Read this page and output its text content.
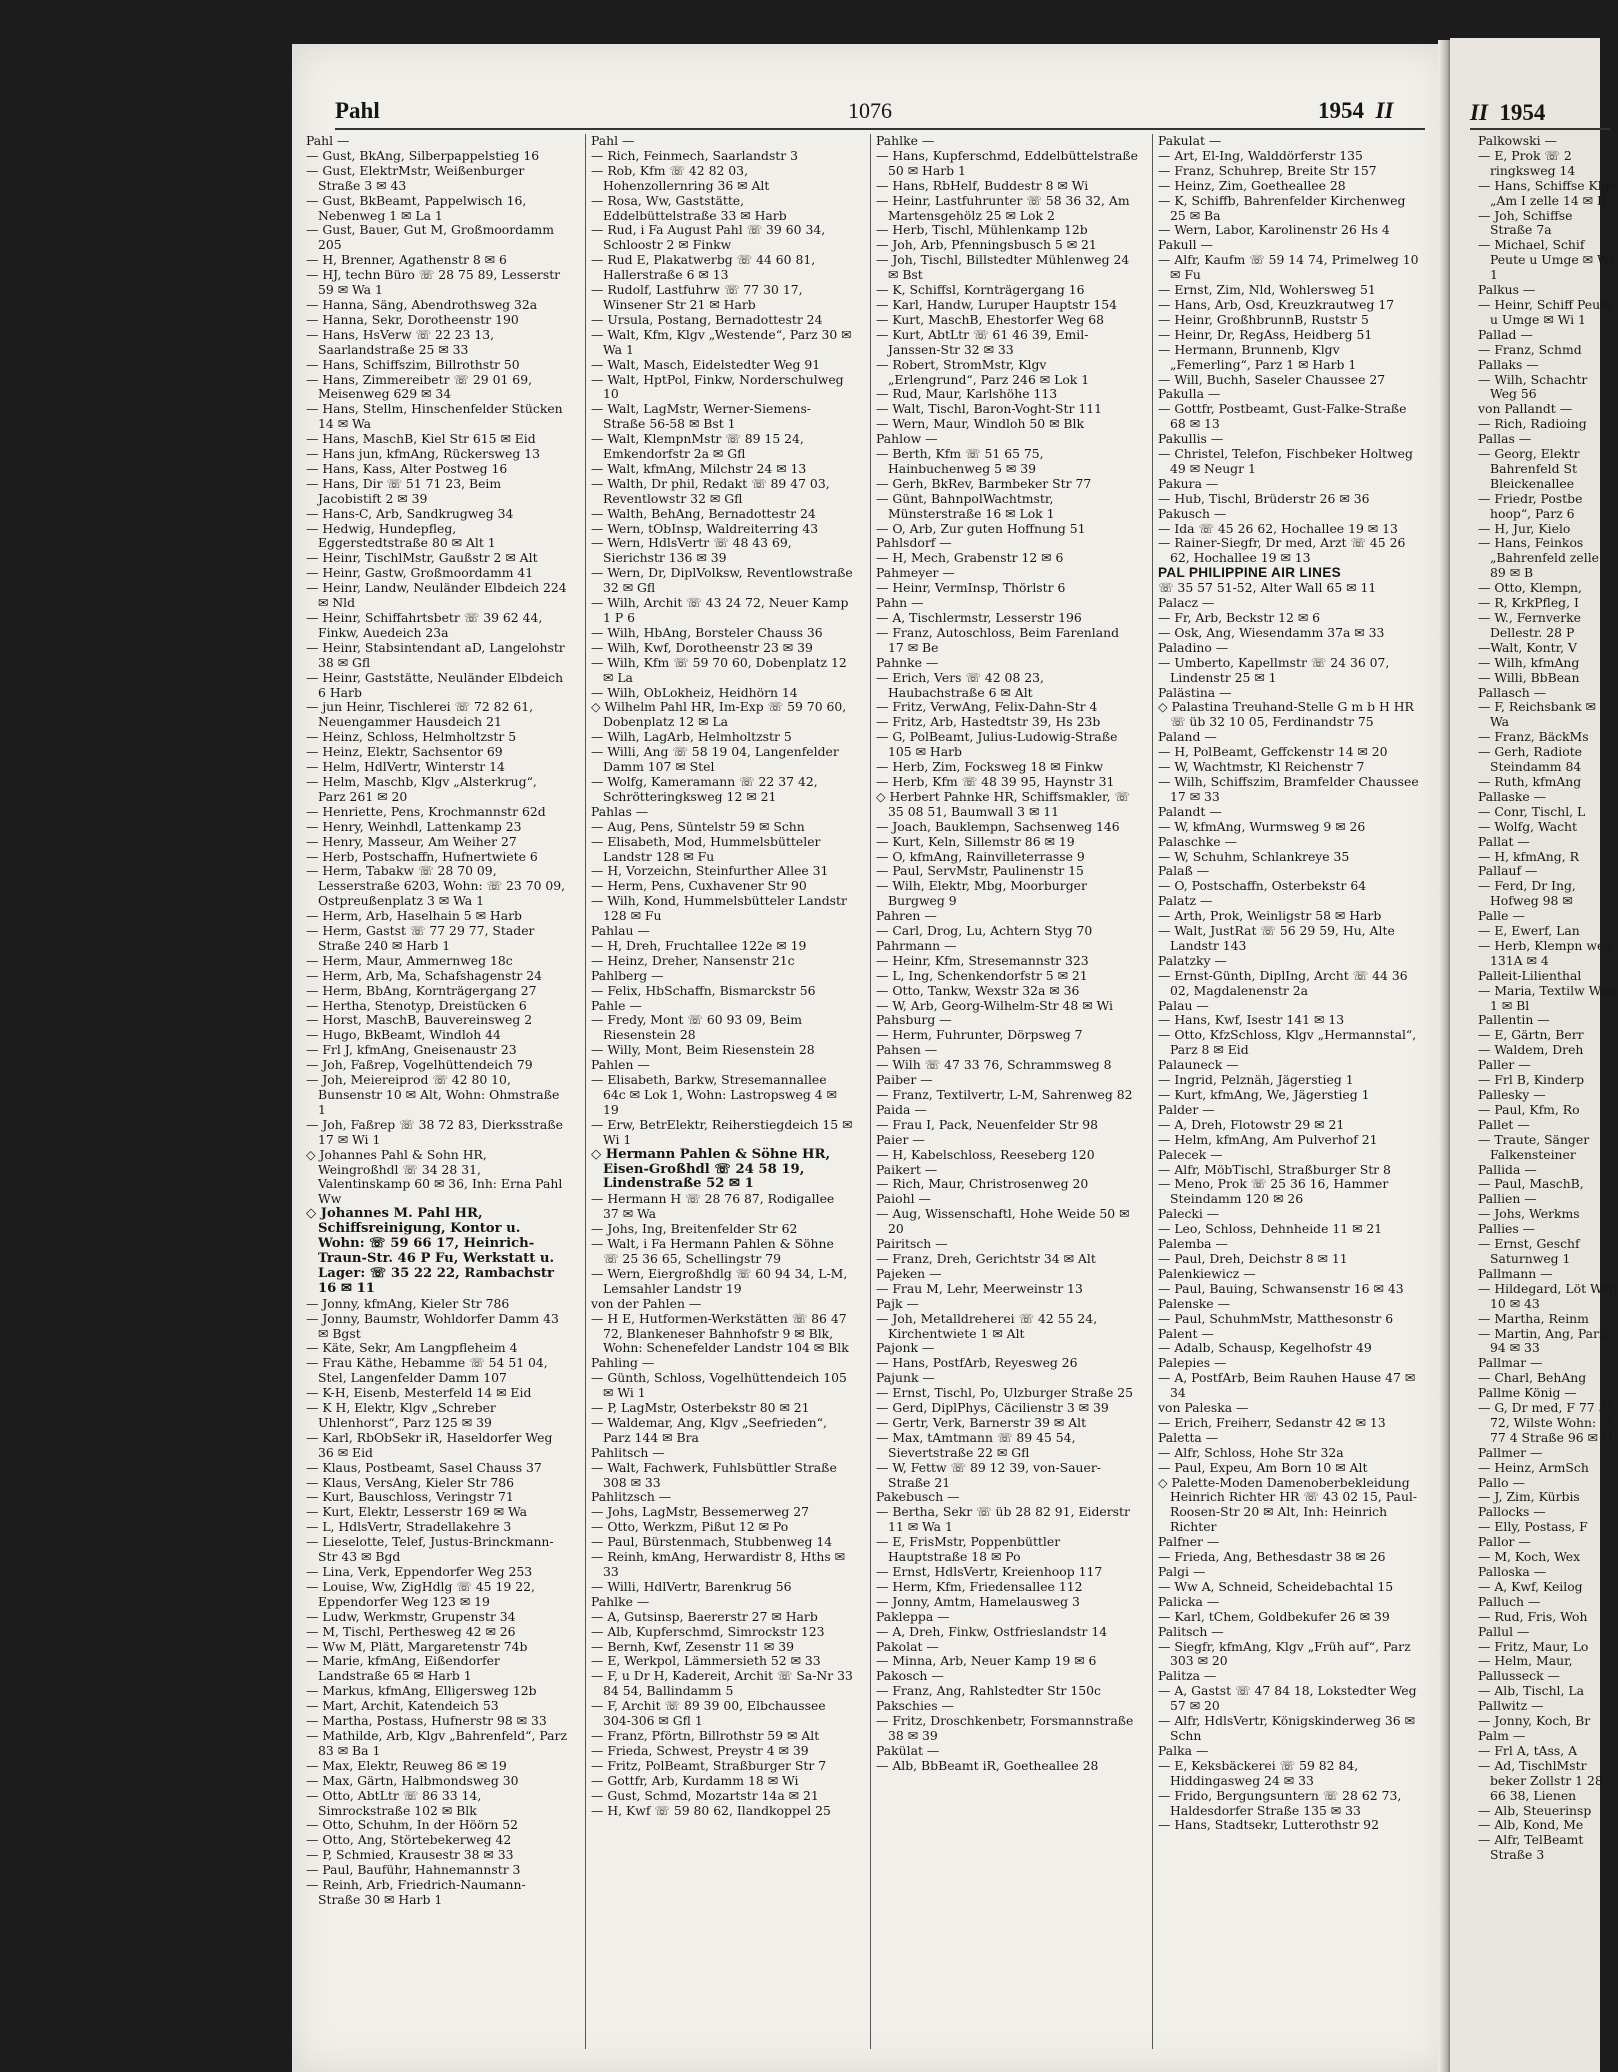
Pahl	1076	1954 II	II 1954

Pahl —

— Gust, BkAng, Silberpappelstieg 16

— Gust, ElektrMstr, Weißenburger Straße 3 ✉ 43

— Gust, BkBeamt, Pappelwisch 16, Nebenweg 1 ✉ La 1

— Gust, Bauer, Gut M, Großmoordamm 205

— H, Brenner, Agathenstr 8 ✉ 6

— HJ, techn Büro ☏ 28 75 89, Lesserstr 59 ✉ Wa 1

— Hanna, Säng, Abendrothsweg 32a

— Hanna, Sekr, Dorotheenstr 190

— Hans, HsVerw ☏ 22 23 13, Saarlandstraße 25 ✉ 33

— Hans, Schiffszim, Billrothstr 50

— Hans, Zimmereibetr ☏ 29 01 69, Meisenweg 629 ✉ 34

— Hans, Stellm, Hinschenfelder Stücken 14 ✉ Wa

— Hans, MaschB, Kiel Str 615 ✉ Eid

— Hans jun, kfmAng, Rückersweg 13

— Hans, Kass, Alter Postweg 16

— Hans, Dir ☏ 51 71 23, Beim Jacobistift 2 ✉ 39

— Hans-C, Arb, Sandkrugweg 34

— Hedwig, Hundepfleg, Eggerstedtstraße 80 ✉ Alt 1

— Heinr, TischlMstr, Gaußstr 2 ✉ Alt

— Heinr, Gastw, Großmoordamm 41

— Heinr, Landw, Neuländer Elbdeich 224 ✉ Nld

— Heinr, Schiffahrtsbetr ☏ 39 62 44, Finkw, Auedeich 23a

— Heinr, Stabsintendant aD, Langelohstr 38 ✉ Gfl

— Heinr, Gaststätte, Neuländer Elbdeich 6 Harb

— jun Heinr, Tischlerei ☏ 72 82 61, Neuengammer Hausdeich 21

— Heinz, Schloss, Helmholtzstr 5

— Heinz, Elektr, Sachsentor 69

— Helm, HdlVertr, Winterstr 14

— Helm, Maschb, Klgv „Alsterkrug“, Parz 261 ✉ 20

— Henriette, Pens, Krochmannstr 62d

— Henry, Weinhdl, Lattenkamp 23

— Henry, Masseur, Am Weiher 27

— Herb, Postschaffn, Hufnertwiete 6

— Herm, Tabakw ☏ 28 70 09, Lesserstraße 6203, Wohn: ☏ 23 70 09, Ostpreußenplatz 3 ✉ Wa 1

— Herm, Arb, Haselhain 5 ✉ Harb

— Herm, Gastst ☏ 77 29 77, Stader Straße 240 ✉ Harb 1

— Herm, Maur, Ammernweg 18c

— Herm, Arb, Ma, Schafshagenstr 24

— Herm, BbAng, Kornträgergang 27

— Hertha, Stenotyp, Dreistücken 6

— Horst, MaschB, Bauvereinsweg 2

— Hugo, BkBeamt, Windloh 44

— Frl J, kfmAng, Gneisenaustr 23

— Joh, Faßrep, Vogelhüttendeich 79

— Joh, Meiereiprod ☏ 42 80 10, Bunsenstr 10 ✉ Alt, Wohn: Ohmstraße 1

— Joh, Faßrep ☏ 38 72 83, Dierksstraße 17 ✉ Wi 1

◇ Johannes Pahl & Sohn HR, Weingroßhdl ☏ 34 28 31, Valentinskamp 60 ✉ 36, Inh: Erna Pahl Ww

◇ Johannes M. Pahl HR, Schiffsreinigung, Kontor u. Wohn: ☏ 59 66 17, Heinrich-Traun-Str. 46 P Fu, Werkstatt u. Lager: ☏ 35 22 22, Rambachstr 16 ✉ 11

— Jonny, kfmAng, Kieler Str 786

— Jonny, Baumstr, Wohldorfer Damm 43 ✉ Bgst

— Käte, Sekr, Am Langpfleheim 4

— Frau Käthe, Hebamme ☏ 54 51 04, Stel, Langenfelder Damm 107

— K-H, Eisenb, Mesterfeld 14 ✉ Eid

— K H, Elektr, Klgv „Schreber Uhlenhorst“, Parz 125 ✉ 39

— Karl, RbObSekr iR, Haseldorfer Weg 36 ✉ Eid

— Klaus, Postbeamt, Sasel Chauss 37

— Klaus, VersAng, Kieler Str 786

— Kurt, Bauschloss, Veringstr 71

— Kurt, Elektr, Lesserstr 169 ✉ Wa

— L, HdlsVertr, Stradellakehre 3

— Lieselotte, Telef, Justus-Brinckmann-Str 43 ✉ Bgd

— Lina, Verk, Eppendorfer Weg 253

— Louise, Ww, ZigHdlg ☏ 45 19 22, Eppendorfer Weg 123 ✉ 19

— Ludw, Werkmstr, Grupenstr 34

— M, Tischl, Perthesweg 42 ✉ 26

— Ww M, Plätt, Margaretenstr 74b

— Marie, kfmAng, Eißendorfer Landstraße 65 ✉ Harb 1

— Markus, kfmAng, Elligersweg 12b

— Mart, Archit, Katendeich 53

— Martha, Postass, Hufnerstr 98 ✉ 33

— Mathilde, Arb, Klgv „Bahrenfeld“, Parz 83 ✉ Ba 1

— Max, Elektr, Reuweg 86 ✉ 19

— Max, Gärtn, Halbmondsweg 30

— Otto, AbtLtr ☏ 86 33 14, Simrockstraße 102 ✉ Blk

— Otto, Schuhm, In der Höörn 52

— Otto, Ang, Störtebekerweg 42

— P, Schmied, Krausestr 38 ✉ 33

— Paul, Bauführ, Hahnemannstr 3

— Reinh, Arb, Friedrich-Naumann-Straße 30 ✉ Harb 1

Pahl —

— Rich, Feinmech, Saarlandstr 3

— Rob, Kfm ☏ 42 82 03, Hohenzollernring 36 ✉ Alt

— Rosa, Ww, Gaststätte, Eddelbüttelstraße 33 ✉ Harb

— Rud, i Fa August Pahl ☏ 39 60 34, Schloostr 2 ✉ Finkw

— Rud E, Plakatwerbg ☏ 44 60 81, Hallerstraße 6 ✉ 13

— Rudolf, Lastfuhrw ☏ 77 30 17, Winsener Str 21 ✉ Harb

— Ursula, Postang, Bernadottestr 24

— Walt, Kfm, Klgv „Westende“, Parz 30 ✉ Wa 1

— Walt, Masch, Eidelstedter Weg 91

— Walt, HptPol, Finkw, Norderschulweg 10

— Walt, LagMstr, Werner-Siemens-Straße 56-58 ✉ Bst 1

— Walt, KlempnMstr ☏ 89 15 24, Emkendorfstr 2a ✉ Gfl

— Walt, kfmAng, Milchstr 24 ✉ 13

— Walth, Dr phil, Redakt ☏ 89 47 03, Reventlowstr 32 ✉ Gfl

— Walth, BehAng, Bernadottestr 24

— Wern, tObInsp, Waldreiterring 43

— Wern, HdlsVertr ☏ 48 43 69, Sierichstr 136 ✉ 39

— Wern, Dr, DiplVolksw, Reventlowstraße 32 ✉ Gfl

— Wilh, Archit ☏ 43 24 72, Neuer Kamp 1 P 6

— Wilh, HbAng, Borsteler Chauss 36

— Wilh, Kwf, Dorotheenstr 23 ✉ 39

— Wilh, Kfm ☏ 59 70 60, Dobenplatz 12 ✉ La

— Wilh, ObLokheiz, Heidhörn 14

◇ Wilhelm Pahl HR, Im-Exp ☏ 59 70 60, Dobenplatz 12 ✉ La

— Wilh, LagArb, Helmholtzstr 5

— Willi, Ang ☏ 58 19 04, Langenfelder Damm 107 ✉ Stel

— Wolfg, Kameramann ☏ 22 37 42, Schrötteringksweg 12 ✉ 21

Pahlas —

— Aug, Pens, Süntelstr 59 ✉ Schn

— Elisabeth, Mod, Hummelsbütteler Landstr 128 ✉ Fu

— H, Vorzeichn, Steinfurther Allee 31

— Herm, Pens, Cuxhavener Str 90

— Wilh, Kond, Hummelsbütteler Landstr 128 ✉ Fu

Pahlau —

— H, Dreh, Fruchtallee 122e ✉ 19

— Heinz, Dreher, Nansenstr 21c

Pahlberg —

— Felix, HbSchaffn, Bismarckstr 56

Pahle —

— Fredy, Mont ☏ 60 93 09, Beim Riesenstein 28

— Willy, Mont, Beim Riesenstein 28

Pahlen —

— Elisabeth, Barkw, Stresemannallee 64c ✉ Lok 1, Wohn: Lastropsweg 4 ✉ 19

— Erw, BetrElektr, Reiherstiegdeich 15 ✉ Wi 1

◇ Hermann Pahlen & Söhne HR, Eisen-Großhdl ☏ 24 58 19, Lindenstraße 52 ✉ 1

— Hermann H ☏ 28 76 87, Rodigallee 37 ✉ Wa

— Johs, Ing, Breitenfelder Str 62

— Walt, i Fa Hermann Pahlen & Söhne ☏ 25 36 65, Schellingstr 79

— Wern, Eiergroßhdlg ☏ 60 94 34, L-M, Lemsahler Landstr 19

von der Pahlen —

— H E, Hutformen-Werkstätten ☏ 86 47 72, Blankeneser Bahnhofstr 9 ✉ Blk, Wohn: Schenefelder Landstr 104 ✉ Blk

Pahling —

— Günth, Schloss, Vogelhüttendeich 105 ✉ Wi 1

— P, LagMstr, Osterbekstr 80 ✉ 21

— Waldemar, Ang, Klgv „Seefrieden“, Parz 144 ✉ Bra

Pahlitsch —

— Walt, Fachwerk, Fuhlsbüttler Straße 308 ✉ 33

Pahlitzsch —

— Johs, LagMstr, Bessemerweg 27

— Otto, Werkzm, Pißut 12 ✉ Po

— Paul, Bürstenmach, Stubbenweg 14

— Reinh, kmAng, Herwardistr 8, Hths ✉ 33

— Willi, HdlVertr, Barenkrug 56

Pahlke —

— A, Gutsinsp, Baererstr 27 ✉ Harb

— Alb, Kupferschmd, Simrockstr 123

— Bernh, Kwf, Zesenstr 11 ✉ 39

— E, Werkpol, Lämmersieth 52 ✉ 33

— F, u Dr H, Kadereit, Archit ☏ Sa-Nr 33 84 54, Ballindamm 5

— F, Archit ☏ 89 39 00, Elbchaussee 304-306 ✉ Gfl 1

— Franz, Pförtn, Billrothstr 59 ✉ Alt

— Frieda, Schwest, Preystr 4 ✉ 39

— Fritz, PolBeamt, Straßburger Str 7

— Gottfr, Arb, Kurdamm 18 ✉ Wi

— Gust, Schmd, Mozartstr 14a ✉ 21

— H, Kwf ☏ 59 80 62, Ilandkoppel 25

Pahlke —

— Hans, Kupferschmd, Eddelbüttelstraße 50 ✉ Harb 1

— Hans, RbHelf, Buddestr 8 ✉ Wi

— Heinr, Lastfuhrunter ☏ 58 36 32, Am Martensgehölz 25 ✉ Lok 2

— Herb, Tischl, Mühlenkamp 12b

— Joh, Arb, Pfenningsbusch 5 ✉ 21

— Joh, Tischl, Billstedter Mühlenweg 24 ✉ Bst

— K, Schiffsl, Kornträgergang 16

— Karl, Handw, Luruper Hauptstr 154

— Kurt, MaschB, Ehestorfer Weg 68

— Kurt, AbtLtr ☏ 61 46 39, Emil-Janssen-Str 32 ✉ 33

— Robert, StromMstr, Klgv „Erlengrund“, Parz 246 ✉ Lok 1

— Rud, Maur, Karlshöhe 113

— Walt, Tischl, Baron-Voght-Str 111

— Wern, Maur, Windloh 50 ✉ Blk

Pahlow —

— Berth, Kfm ☏ 51 65 75, Hainbuchenweg 5 ✉ 39

— Gerh, BkRev, Barmbeker Str 77

— Günt, BahnpolWachtmstr, Münsterstraße 16 ✉ Lok 1

— O, Arb, Zur guten Hoffnung 51

Pahlsdorf —

— H, Mech, Grabenstr 12 ✉ 6

Pahmeyer —

— Heinr, VermInsp, Thörlstr 6

Pahn —

— A, Tischlermstr, Lesserstr 196

— Franz, Autoschloss, Beim Farenland 17 ✉ Be

Pahnke —

— Erich, Vers ☏ 42 08 23, Haubachstraße 6 ✉ Alt

— Fritz, VerwAng, Felix-Dahn-Str 4

— Fritz, Arb, Hastedtstr 39, Hs 23b

— G, PolBeamt, Julius-Ludowig-Straße 105 ✉ Harb

— Herb, Zim, Focksweg 18 ✉ Finkw

— Herb, Kfm ☏ 48 39 95, Haynstr 31

◇ Herbert Pahnke HR, Schiffsmakler, ☏ 35 08 51, Baumwall 3 ✉ 11

— Joach, Bauklempn, Sachsenweg 146

— Kurt, Keln, Sillemstr 86 ✉ 19

— O, kfmAng, Rainvilleterrasse 9

— Paul, ServMstr, Paulinenstr 15

— Wilh, Elektr, Mbg, Moorburger Burgweg 9

Pahren —

— Carl, Drog, Lu, Achtern Styg 70

Pahrmann —

— Heinr, Kfm, Stresemannstr 323

— L, Ing, Schenkendorfstr 5 ✉ 21

— Otto, Tankw, Wexstr 32a ✉ 36

— W, Arb, Georg-Wilhelm-Str 48 ✉ Wi

Pahsburg —

— Herm, Fuhrunter, Dörpsweg 7

Pahsen —

— Wilh ☏ 47 33 76, Schrammsweg 8

Paiber —

— Franz, Textilvertr, L-M, Sahrenweg 82

Paida —

— Frau I, Pack, Neuenfelder Str 98

Paier —

— H, Kabelschloss, Reeseberg 120

Paikert —

— Rich, Maur, Christrosenweg 20

Paiohl —

— Aug, Wissenschaftl, Hohe Weide 50 ✉ 20

Pairitsch —

— Franz, Dreh, Gerichtstr 34 ✉ Alt

Pajeken —

— Frau M, Lehr, Meerweinstr 13

Pajk —

— Joh, Metalldreherei ☏ 42 55 24, Kirchentwiete 1 ✉ Alt

Pajonk —

— Hans, PostfArb, Reyesweg 26

Pajunk —

— Ernst, Tischl, Po, Ulzburger Straße 25

— Gerd, DiplPhys, Cäcilienstr 3 ✉ 39

— Gertr, Verk, Barnerstr 39 ✉ Alt

— Max, tAmtmann ☏ 89 45 54, Sievertstraße 22 ✉ Gfl

— W, Fettw ☏ 89 12 39, von-Sauer-Straße 21

Pakebusch —

— Bertha, Sekr ☏ üb 28 82 91, Eiderstr 11 ✉ Wa 1

— E, FrisMstr, Poppenbüttler Hauptstraße 18 ✉ Po

— Ernst, HdlsVertr, Kreienhoop 117

— Herm, Kfm, Friedensallee 112

— Jonny, Amtm, Hamelausweg 3

Pakleppa —

— A, Dreh, Finkw, Ostfrieslandstr 14

Pakolat —

— Minna, Arb, Neuer Kamp 19 ✉ 6

Pakosch —

— Franz, Ang, Rahlstedter Str 150c

Pakschies —

— Fritz, Droschkenbetr, Forsmannstraße 38 ✉ 39

Pakülat —

— Alb, BbBeamt iR, Goetheallee 28

Pakulat —

— Art, El-Ing, Walddörferstr 135

— Franz, Schuhrep, Breite Str 157

— Heinz, Zim, Goetheallee 28

— K, Schiffb, Bahrenfelder Kirchenweg 25 ✉ Ba

— Wern, Labor, Karolinenstr 26 Hs 4

Pakull —

— Alfr, Kaufm ☏ 59 14 74, Primelweg 10 ✉ Fu

— Ernst, Zim, Nld, Wohlersweg 51

— Hans, Arb, Osd, Kreuzkrautweg 17

— Heinr, GroßhbrunnB, Ruststr 5

— Heinr, Dr, RegAss, Heidberg 51

— Hermann, Brunnenb, Klgv „Femerling“, Parz 1 ✉ Harb 1

— Will, Buchh, Saseler Chaussee 27

Pakulla —

— Gottfr, Postbeamt, Gust-Falke-Straße 68 ✉ 13

Pakullis —

— Christel, Telefon, Fischbeker Holtweg 49 ✉ Neugr 1

Pakura —

— Hub, Tischl, Brüderstr 26 ✉ 36

Pakusch —

— Ida ☏ 45 26 62, Hochallee 19 ✉ 13

— Rainer-Siegfr, Dr med, Arzt ☏ 45 26 62, Hochallee 19 ✉ 13

PAL PHILIPPINE AIR LINES

☏ 35 57 51-52, Alter Wall 65 ✉ 11

Palacz —

— Fr, Arb, Beckstr 12 ✉ 6

— Osk, Ang, Wiesendamm 37a ✉ 33

Paladino —

— Umberto, Kapellmstr ☏ 24 36 07, Lindenstr 25 ✉ 1

Palästina —

◇ Palastina Treuhand-Stelle G m b H HR ☏ üb 32 10 05, Ferdinandstr 75

Paland —

— H, PolBeamt, Geffckenstr 14 ✉ 20

— W, Wachtmstr, Kl Reichenstr 7

— Wilh, Schiffszim, Bramfelder Chaussee 17 ✉ 33

Palandt —

— W, kfmAng, Wurmsweg 9 ✉ 26

Palaschke —

— W, Schuhm, Schlankreye 35

Palaß —

— O, Postschaffn, Osterbekstr 64

Palatz —

— Arth, Prok, Weinligstr 58 ✉ Harb

— Walt, JustRat ☏ 56 29 59, Hu, Alte Landstr 143

Palatzky —

— Ernst-Günth, DiplIng, Archt ☏ 44 36 02, Magdalenenstr 2a

Palau —

— Hans, Kwf, Isestr 141 ✉ 13

— Otto, KfzSchloss, Klgv „Hermannstal“, Parz 8 ✉ Eid

Palauneck —

— Ingrid, Pelznäh, Jägerstieg 1

— Kurt, kfmAng, We, Jägerstieg 1

Palder —

— A, Dreh, Flotowstr 29 ✉ 21

— Helm, kfmAng, Am Pulverhof 21

Palecek —

— Alfr, MöbTischl, Straßburger Str 8

— Meno, Prok ☏ 25 36 16, Hammer Steindamm 120 ✉ 26

Palecki —

— Leo, Schloss, Dehnheide 11 ✉ 21

Palemba —

— Paul, Dreh, Deichstr 8 ✉ 11

Palenkiewicz —

— Paul, Bauing, Schwansenstr 16 ✉ 43

Palenske —

— Paul, SchuhmMstr, Matthesonstr 6

Palent —

— Adalb, Schausp, Kegelhofstr 49

Palepies —

— A, PostfArb, Beim Rauhen Hause 47 ✉ 34

von Paleska —

— Erich, Freiherr, Sedanstr 42 ✉ 13

Paletta —

— Alfr, Schloss, Hohe Str 32a

— Paul, Expeu, Am Born 10 ✉ Alt

◇ Palette-Moden Damenoberbekleidung Heinrich Richter HR ☏ 43 02 15, Paul-Roosen-Str 20 ✉ Alt, Inh: Heinrich Richter

Palfner —

— Frieda, Ang, Bethesdastr 38 ✉ 26

Palgi —

— Ww A, Schneid, Scheidebachtal 15

Palicka —

— Karl, tChem, Goldbekufer 26 ✉ 39

Palitsch —

— Siegfr, kfmAng, Klgv „Früh auf“, Parz 303 ✉ 20

Palitza —

— A, Gastst ☏ 47 84 18, Lokstedter Weg 57 ✉ 20

— Alfr, HdlsVertr, Königskinderweg 36 ✉ Schn

Palka —

— E, Keksbäckerei ☏ 59 82 84, Hiddingasweg 24 ✉ 33

— Frido, Bergungsuntern ☏ 28 62 73, Haldesdorfer Straße 135 ✉ 33

— Hans, Stadtsekr, Lutterothstr 92

Palkowski —

— E, Prok ☏ 2 ringksweg 14

— Hans, Schiffse Klgv „Am I zelle 14 ✉ B

— Joh, Schiffse Straße 7a

— Michael, Schif Peute u Umge ✉ Wi 1

Palkus —

— Heinr, Schiff Peute u Umge ✉ Wi 1

Pallad —

— Franz, Schmd

Pallaks —

— Wilh, Schachtr Weg 56

von Pallandt —

— Rich, Radioing

Pallas —

— Georg, Elektr Bahrenfeld St Bleickenallee

— Friedr, Postbe hoop“, Parz 6

— H, Jur, Kielo

— Hans, Feinkos „Bahrenfeld zelle 89 ✉ B

— Otto, Klempn,

— R, KrkPfleg, I

— W., Fernverke Dellestr. 28 P

—Walt, Kontr, V

— Wilh, kfmAng

— Willi, BbBean

Pallasch —

— F, Reichsbank ✉ Wa

— Franz, BäckMs

— Gerh, Radiote Steindamm 84

— Ruth, kfmAng

Pallaske —

— Conr, Tischl, L

— Wolfg, Wacht

Pallat —

— H, kfmAng, R

Pallauf —

— Ferd, Dr Ing, Hofweg 98 ✉

Palle —

— E, Ewerf, Lan

— Herb, Klempn weg 131A ✉ 4

Palleit-Lilienthal

— Maria, Textilw Weg 1 ✉ Bl

Pallentin —

— E, Gärtn, Berr

— Waldem, Dreh

Paller —

— Frl B, Kinderp

Pallesky —

— Paul, Kfm, Ro

Pallet —

— Traute, Sänger Falkensteiner

Pallida —

— Paul, MaschB,

Pallien —

— Johs, Werkms

Pallies —

— Ernst, Geschf Saturnweg 1

Pallmann —

— Hildegard, Löt Weg 10 ✉ 43

— Martha, Reinm

— Martin, Ang, Parz 94 ✉ 33

Pallmar —

— Charl, BehAng

Pallme König —

— G, Dr med, F 77 31 72, Wilste Wohn: ☏ 77 4 Straße 96 ✉ H

Pallmer —

— Heinz, ArmSch

Pallo —

— J, Zim, Kürbis

Pallocks —

— Elly, Postass, F

Pallor —

— M, Koch, Wex

Palloska —

— A, Kwf, Keilog

Palluch —

— Rud, Fris, Woh

Pallul —

— Fritz, Maur, Lo

— Helm, Maur,

Pallusseck —

— Alb, Tischl, La

Pallwitz —

— Jonny, Koch, Br

Palm —

— Frl A, tAss, A

— Ad, TischlMstr beker Zollstr 1 28 66 38, Lienen

— Alb, Steuerinsp

— Alb, Kond, Me

— Alfr, TelBeamt Straße 3
